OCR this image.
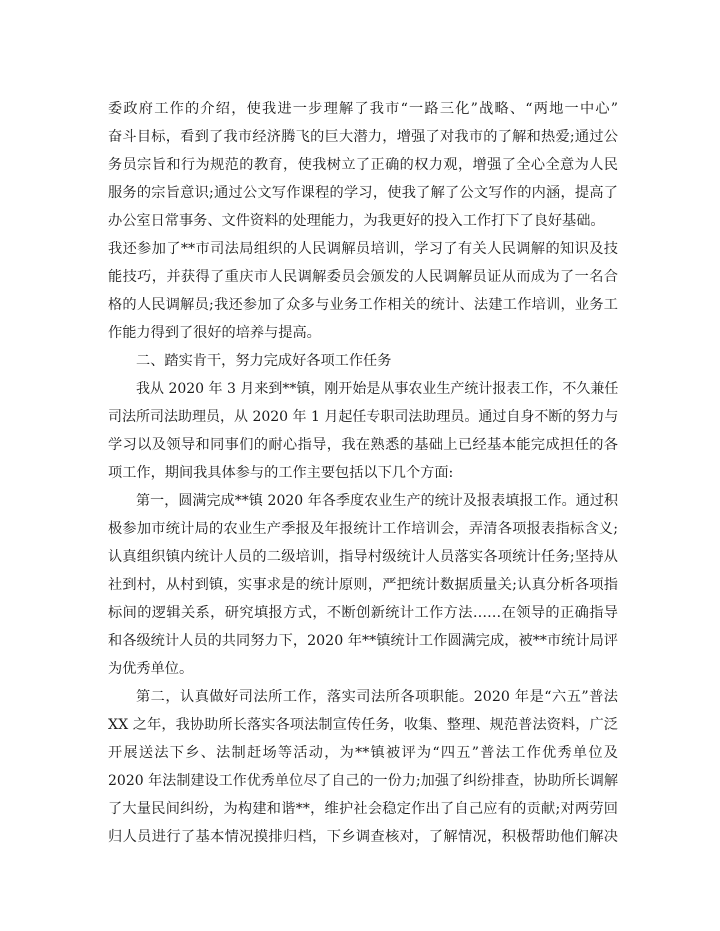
委政府工作的介绍，使我进一步理解了我市“一路三化”战略、“两地一中心”
奋斗目标，看到了我市经济腾飞的巨大潜力，增强了对我市的了解和热爱;通过公
务员宗旨和行为规范的教育，使我树立了正确的权力观，增强了全心全意为人民
服务的宗旨意识;通过公文写作课程的学习，使我了解了公文写作的内涵，提高了
办公室日常事务、文件资料的处理能力，为我更好的投入工作打下了良好基础。
我还参加了**市司法局组织的人民调解员培训，学习了有关人民调解的知识及技
能技巧，并获得了重庆市人民调解委员会颁发的人民调解员证从而成为了一名合
格的人民调解员;我还参加了众多与业务工作相关的统计、法建工作培训，业务工
作能力得到了很好的培养与提高。
二、踏实肯干，努力完成好各项工作任务
我从 2020 年 3 月来到**镇，刚开始是从事农业生产统计报表工作，不久兼任
司法所司法助理员，从 2020 年 1 月起任专职司法助理员。通过自身不断的努力与
学习以及领导和同事们的耐心指导，我在熟悉的基础上已经基本能完成担任的各
项工作，期间我具体参与的工作主要包括以下几个方面:
第一，圆满完成**镇 2020 年各季度农业生产的统计及报表填报工作。通过积
极参加市统计局的农业生产季报及年报统计工作培训会，弄清各项报表指标含义;
认真组织镇内统计人员的二级培训，指导村级统计人员落实各项统计任务;坚持从
社到村，从村到镇，实事求是的统计原则，严把统计数据质量关;认真分析各项指
标间的逻辑关系，研究填报方式，不断创新统计工作方法……在领导的正确指导
和各级统计人员的共同努力下，2020 年**镇统计工作圆满完成，被**市统计局评
为优秀单位。
第二，认真做好司法所工作，落实司法所各项职能。2020 年是“六五”普法
XX 之年，我协助所长落实各项法制宣传任务，收集、整理、规范普法资料，广泛
开展送法下乡、法制赶场等活动，为**镇被评为“四五”普法工作优秀单位及
2020 年法制建设工作优秀单位尽了自己的一份力;加强了纠纷排查，协助所长调解
了大量民间纠纷，为构建和谐**，维护社会稳定作出了自己应有的贡献;对两劳回
归人员进行了基本情况摸排归档，下乡调查核对，了解情况，积极帮助他们解决
